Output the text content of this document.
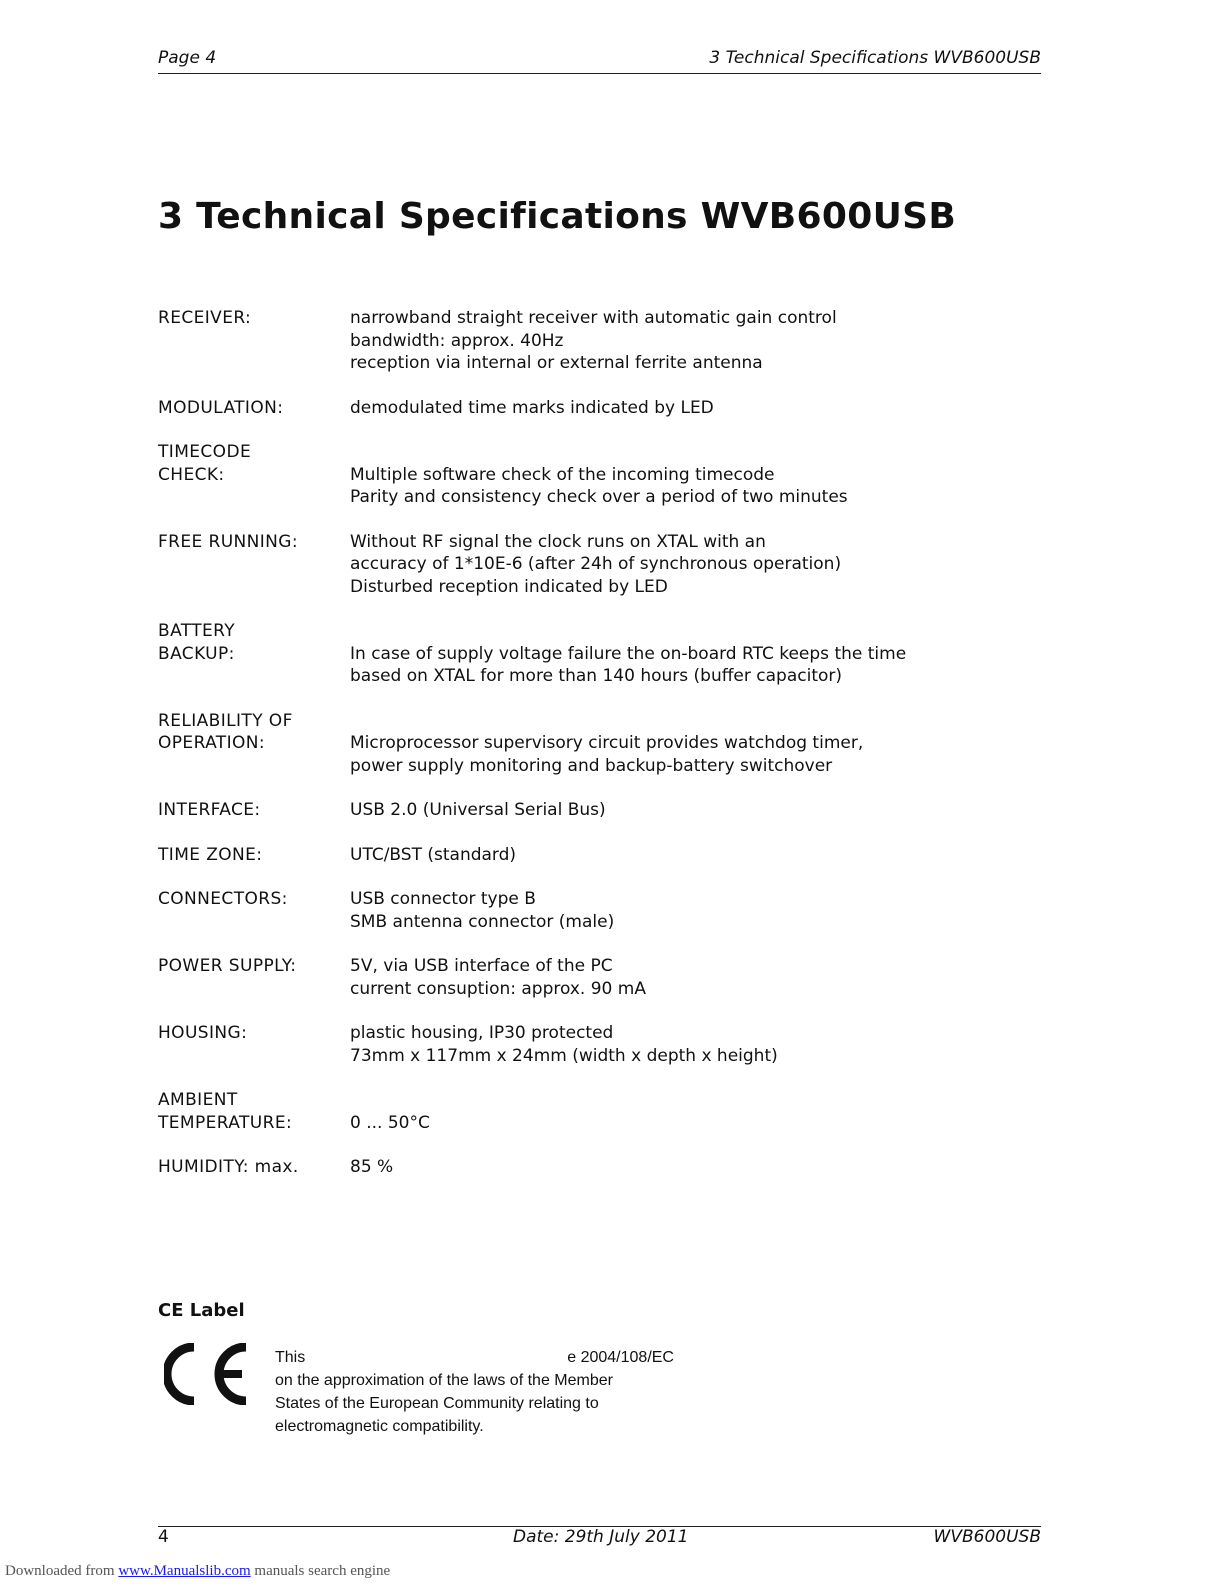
Page 4	3 Technical Specifications WVB600USB
3 Technical Specifications WVB600USB
RECEIVER:	narrowband straight receiver with automatic gain control
bandwidth: approx. 40Hz
reception via internal or external ferrite antenna
MODULATION:	demodulated time marks indicated by LED
TIMECODE
CHECK:	Multiple software check of the incoming timecode
Parity and consistency check over a period of two minutes
FREE RUNNING:	Without RF signal the clock runs on XTAL with an
accuracy of 1*10E-6 (after 24h of synchronous operation)
Disturbed reception indicated by LED
BATTERY
BACKUP:	In case of supply voltage failure the on-board RTC keeps the time
based on XTAL for more than 140 hours (buffer capacitor)
RELIABILITY OF
OPERATION:	Microprocessor supervisory circuit provides watchdog timer,
power supply monitoring and backup-battery switchover
INTERFACE:	USB 2.0 (Universal Serial Bus)
TIME ZONE:	UTC/BST (standard)
CONNECTORS:	USB connector type B
SMB antenna connector (male)
POWER SUPPLY:	5V, via USB interface of the PC
current consuption: approx. 90 mA
HOUSING:	plastic housing, IP30 protected
73mm x 117mm x 24mm (width x depth x height)
AMBIENT
TEMPERATURE:	0 ... 50°C
HUMIDITY: max.	85 %
CE Label
This	e 2004/108/EC
on the approximation of the laws of the Member
States of the European Community relating to
electromagnetic compatibility.
4	Date: 29th July 2011	WVB600USB
Downloaded from www.Manualslib.com manuals search engine
